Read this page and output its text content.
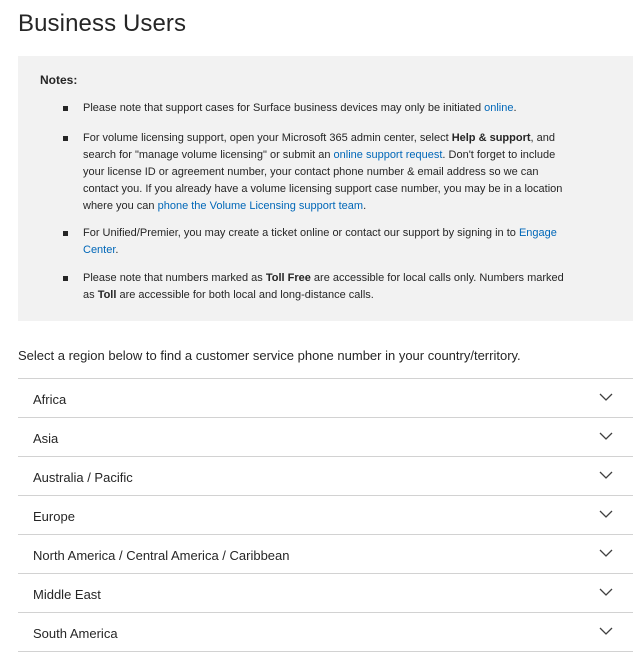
Business Users
Notes:
Please note that support cases for Surface business devices may only be initiated online.
For volume licensing support, open your Microsoft 365 admin center, select Help & support, and search for "manage volume licensing" or submit an online support request. Don't forget to include your license ID or agreement number, your contact phone number & email address so we can contact you. If you already have a volume licensing support case number, you may be in a location where you can phone the Volume Licensing support team.
For Unified/Premier, you may create a ticket online or contact our support by signing in to Engage Center.
Please note that numbers marked as Toll Free are accessible for local calls only. Numbers marked as Toll are accessible for both local and long-distance calls.

Select a region below to find a customer service phone number in your country/territory.

Africa
Asia
Australia / Pacific
Europe
North America / Central America / Caribbean
Middle East
South America
